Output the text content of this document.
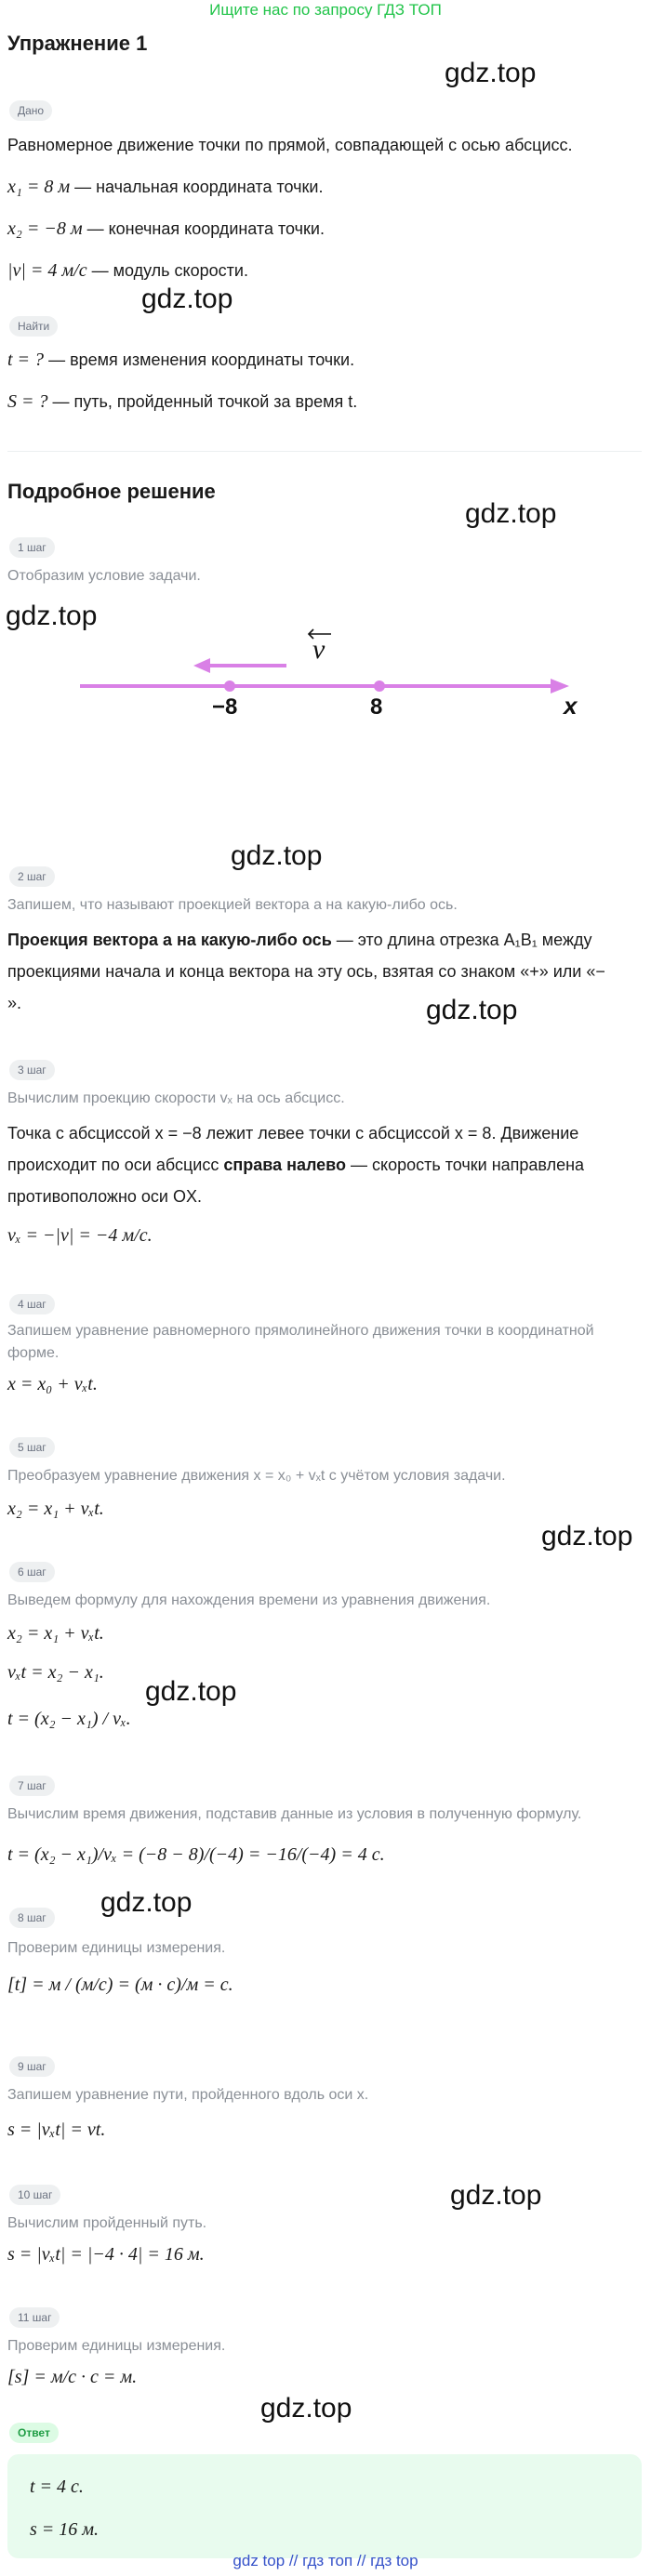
Ищите нас по запросу ГДЗ ТОП
Упражнение 1
gdz.top
gdz.top
gdz.top
gdz.top
gdz.top
gdz.top
gdz.top
gdz.top
gdz.top
gdz.top
gdz.top
Дано
Равномерное движение точки по прямой, совпадающей с осью абсцисс.
x₁ = 8 м — начальная координата точки.
x₂ = −8 м — конечная координата точки.
|v| = 4 м/с — модуль скорости.
Найти
t = ? — время изменения координаты точки.
S = ? — путь, пройденный точкой за время t.
Подробное решение
1 шаг
Отобразим условие задачи.
v
−8	8	x
2 шаг
Запишем, что называют проекцией вектора a на какую-либо ось.
Проекция вектора a на какую-либо ось — это длина отрезка A₁B₁ между
проекциями начала и конца вектора на эту ось, взятая со знаком «+» или «−
».
3 шаг
Вычислим проекцию скорости vₓ на ось абсцисс.
Точка с абсциссой x = −8 лежит левее точки с абсциссой x = 8. Движение
происходит по оси абсцисс справа налево — скорость точки направлена
противоположно оси OX.
vₓ = −|v| = −4 м/с.
4 шаг
Запишем уравнение равномерного прямолинейного движения точки в координатной
форме.
x = x₀ + vₓt.
5 шаг
Преобразуем уравнение движения x = x₀ + vₓt с учётом условия задачи.
x₂ = x₁ + vₓt.
6 шаг
Выведем формулу для нахождения времени из уравнения движения.
x₂ = x₁ + vₓt.
vₓt = x₂ − x₁.
t = (x₂ − x₁) / vₓ.
7 шаг
Вычислим время движения, подставив данные из условия в полученную формулу.
t = (x₂ − x₁)/vₓ = (−8 − 8)/(−4) = −16/(−4) = 4 с.
8 шаг
Проверим единицы измерения.
[t] = м / (м/с) = (м · с)/м = с.
9 шаг
Запишем уравнение пути, пройденного вдоль оси x.
s = |vₓt| = vt.
10 шаг
Вычислим пройденный путь.
s = |vₓt| = |−4 · 4| = 16 м.
11 шаг
Проверим единицы измерения.
[s] = м/с · с = м.
Ответ
t = 4 с.
s = 16 м.
gdz top // гдз топ // гдз top
